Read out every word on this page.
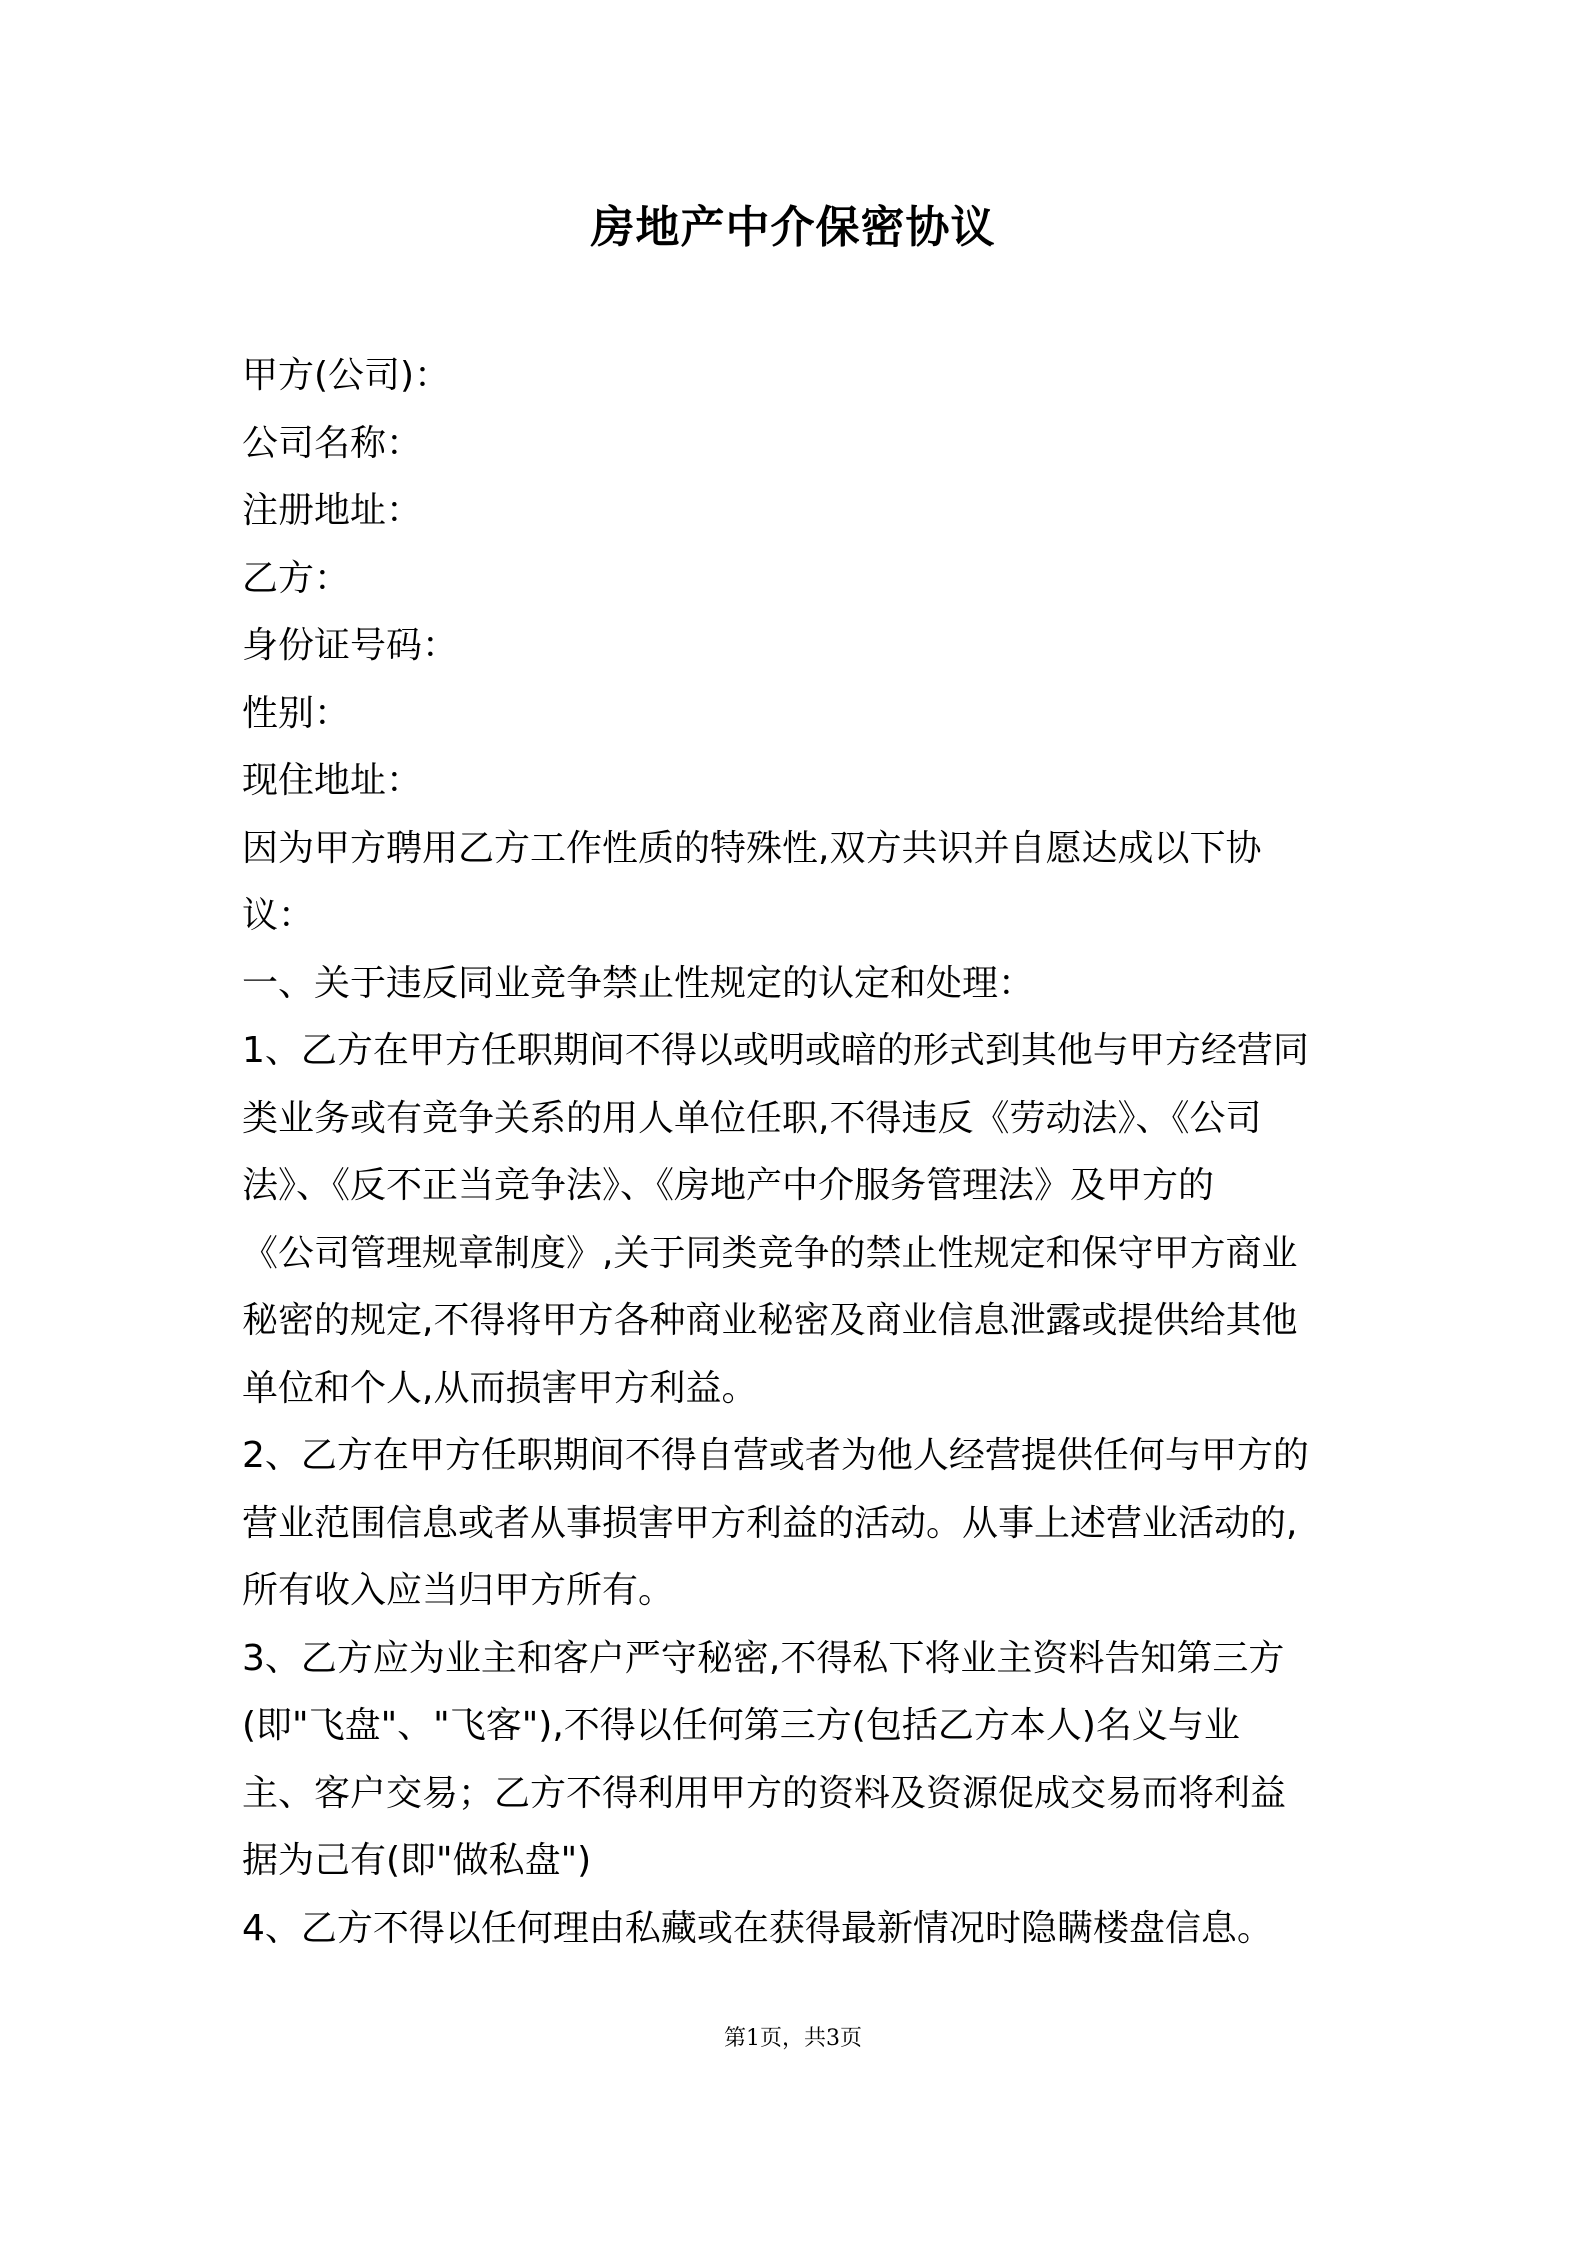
房地产中介保密协议
甲方(公司)：
公司名称：
注册地址：
乙方：
身份证号码：
性别：
现住地址：
因为甲方聘用乙方工作性质的特殊性,双方共识并自愿达成以下协
议：
一、关于违反同业竞争禁止性规定的认定和处理：
1、乙方在甲方任职期间不得以或明或暗的形式到其他与甲方经营同
类业务或有竞争关系的用人单位任职,不得违反《劳动法》、《公司
法》、《反不正当竞争法》、《房地产中介服务管理法》及甲方的
《公司管理规章制度》,关于同类竞争的禁止性规定和保守甲方商业
秘密的规定,不得将甲方各种商业秘密及商业信息泄露或提供给其他
单位和个人,从而损害甲方利益。
2、乙方在甲方任职期间不得自营或者为他人经营提供任何与甲方的
营业范围信息或者从事损害甲方利益的活动。从事上述营业活动的,
所有收入应当归甲方所有。
3、乙方应为业主和客户严守秘密,不得私下将业主资料告知第三方
(即"飞盘"、"飞客"),不得以任何第三方(包括乙方本人)名义与业
主、客户交易；乙方不得利用甲方的资料及资源促成交易而将利益
据为己有(即"做私盘")
4、乙方不得以任何理由私藏或在获得最新情况时隐瞒楼盘信息。
第1页，共3页
